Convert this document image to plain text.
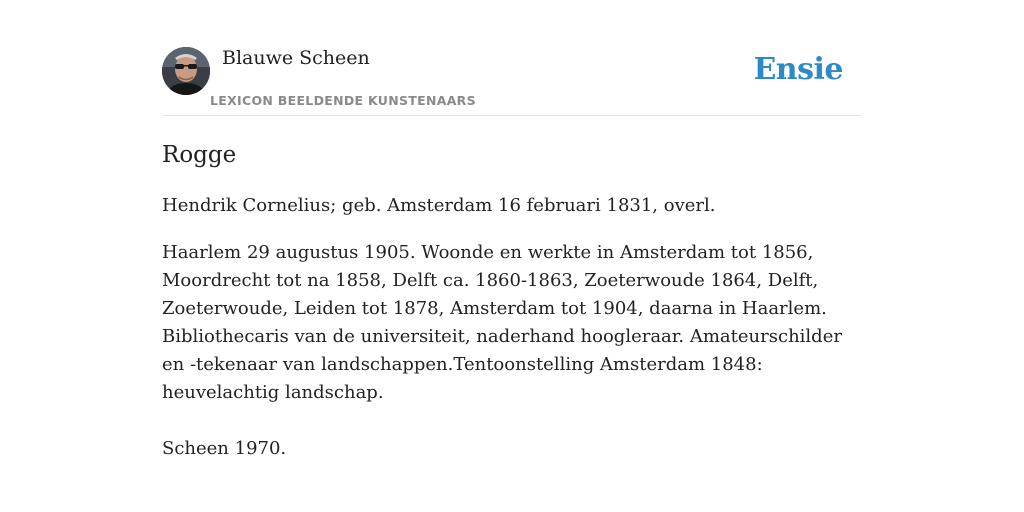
Blauwe Scheen
LEXICON BEELDENDE KUNSTENAARS
Ensie
Rogge

Hendrik Cornelius; geb. Amsterdam 16 februari 1831, overl.

Haarlem 29 augustus 1905. Woonde en werkte in Amsterdam tot 1856, Moordrecht tot na 1858, Delft ca. 1860-1863, Zoeterwoude 1864, Delft, Zoeterwoude, Leiden tot 1878, Amsterdam tot 1904, daarna in Haarlem. Bibliothecaris van de universiteit, naderhand hoogleraar. Amateurschilder en -tekenaar van landschappen.Tentoonstelling Amsterdam 1848: heuvelachtig landschap.

Scheen 1970.
